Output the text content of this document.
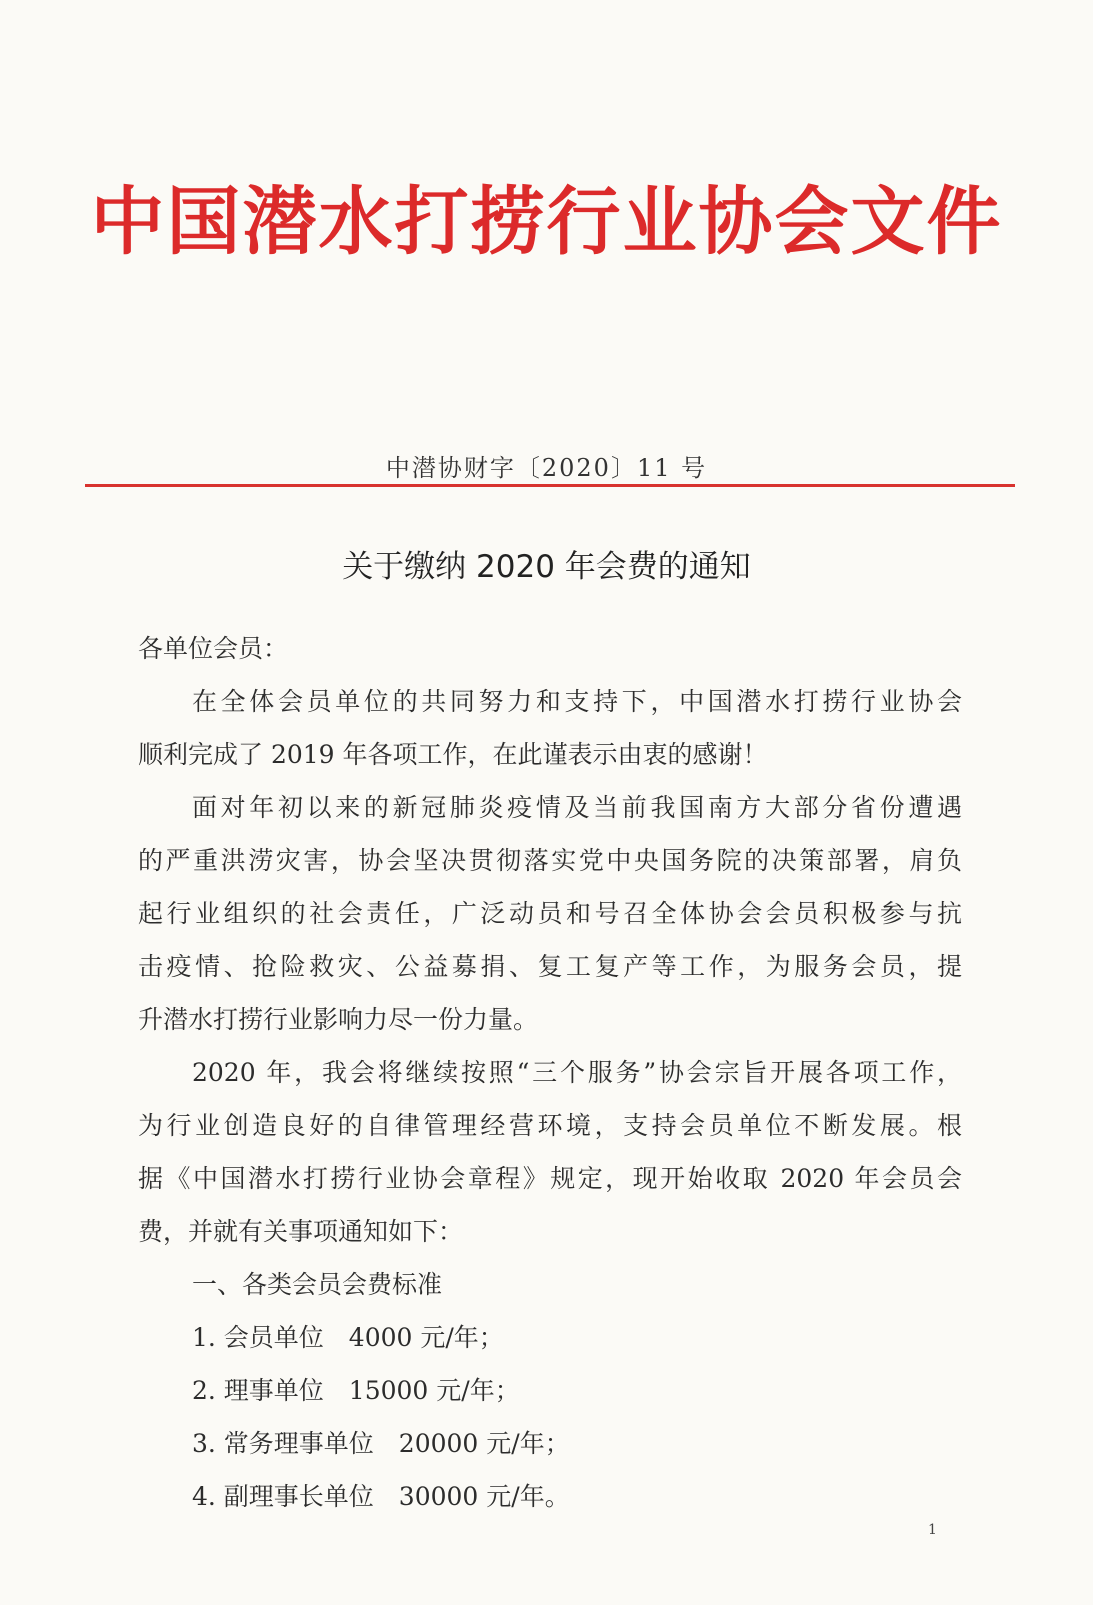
中国潜水打捞行业协会文件
中潜协财字〔2020〕11 号
关于缴纳 2020 年会费的通知
各单位会员：
在全体会员单位的共同努力和支持下，中国潜水打捞行业协会
顺利完成了 2019 年各项工作，在此谨表示由衷的感谢！
面对年初以来的新冠肺炎疫情及当前我国南方大部分省份遭遇
的严重洪涝灾害，协会坚决贯彻落实党中央国务院的决策部署，肩负
起行业组织的社会责任，广泛动员和号召全体协会会员积极参与抗
击疫情、抢险救灾、公益募捐、复工复产等工作，为服务会员，提
升潜水打捞行业影响力尽一份力量。
2020 年，我会将继续按照“三个服务”协会宗旨开展各项工作，
为行业创造良好的自律管理经营环境，支持会员单位不断发展。根
据《中国潜水打捞行业协会章程》规定，现开始收取 2020 年会员会
费，并就有关事项通知如下：
一、各类会员会费标准
1. 会员单位　4000 元/年；
2. 理事单位　15000 元/年；
3. 常务理事单位　20000 元/年；
4. 副理事长单位　30000 元/年。
1
